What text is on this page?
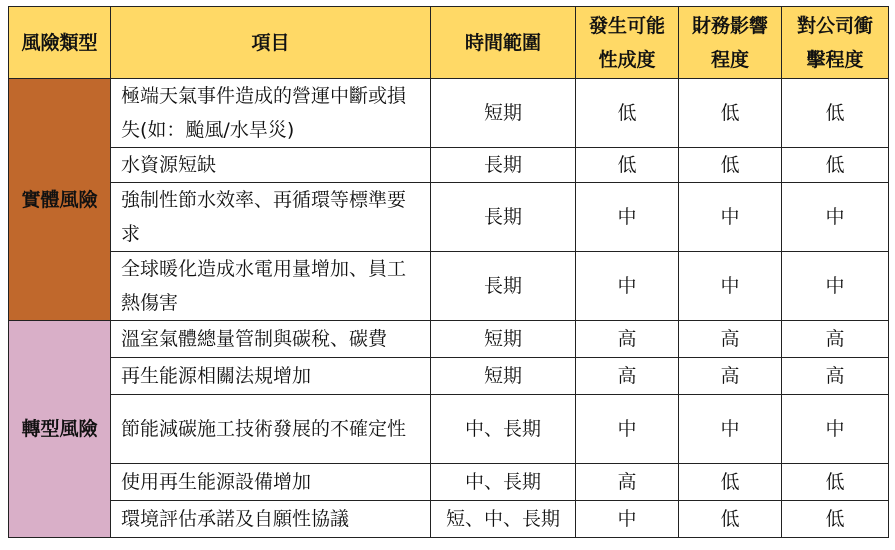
風險類型	項目	時間範圍	發生可能性成度	財務影響程度	對公司衝擊程度
實體風險	極端天氣事件造成的營運中斷或損失(如：颱風/水旱災)	短期	低	低	低
	水資源短缺	長期	低	低	低
	強制性節水效率、再循環等標準要求	長期	中	中	中
	全球暖化造成水電用量增加、員工熱傷害	長期	中	中	中
轉型風險	溫室氣體總量管制與碳稅、碳費	短期	高	高	高
	再生能源相關法規增加	短期	高	高	高
	節能減碳施工技術發展的不確定性	中、長期	中	中	中
	使用再生能源設備增加	中、長期	高	低	低
	環境評估承諾及自願性協議	短、中、長期	中	低	低
